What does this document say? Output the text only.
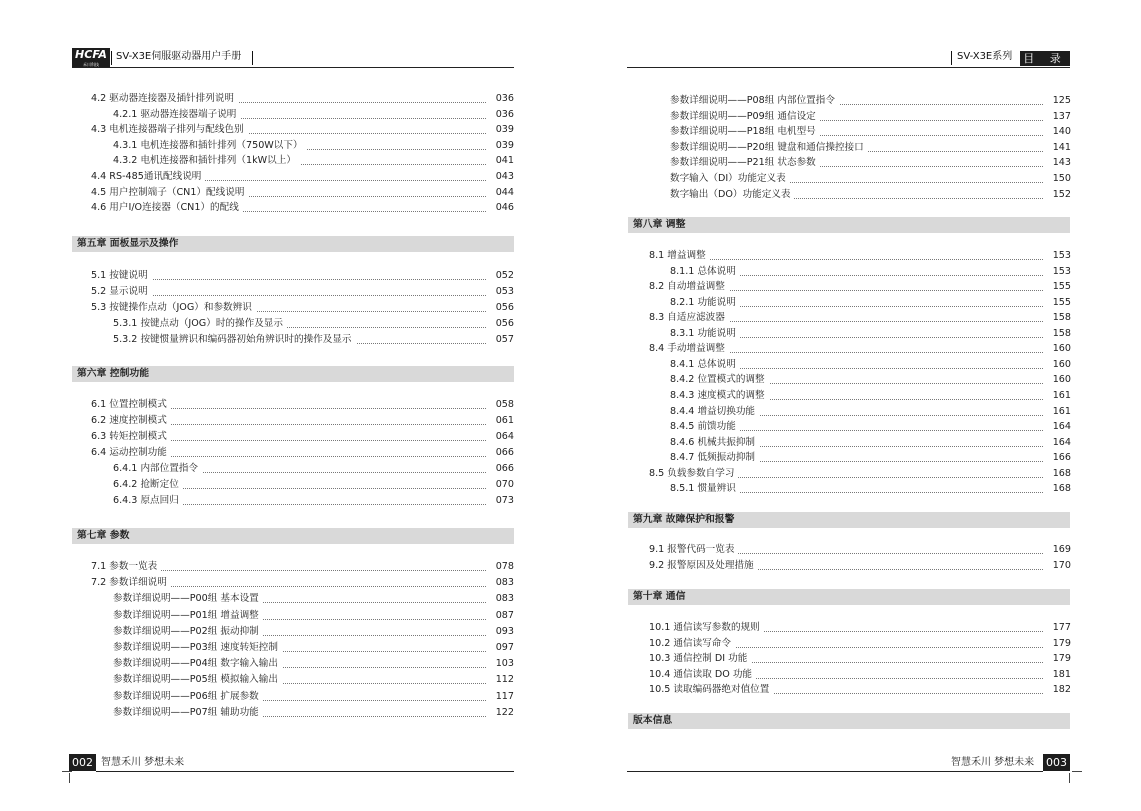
HCFA
禾川科技
SV-X3E伺服驱动器用户手册
4.2 驱动器连接器及插针排列说明	036
4.2.1 驱动器连接器端子说明	036
4.3 电机连接器端子排列与配线色别	039
4.3.1 电机连接器和插针排列（750W以下）	039
4.3.2 电机连接器和插针排列（1kW以上）	041
4.4 RS-485通讯配线说明	043
4.5 用户控制端子（CN1）配线说明	044
4.6 用户I/O连接器（CN1）的配线	046
第五章 面板显示及操作
5.1 按键说明	052
5.2 显示说明	053
5.3 按键操作点动（JOG）和参数辨识	056
5.3.1 按键点动（JOG）时的操作及显示	056
5.3.2 按键惯量辨识和编码器初始角辨识时的操作及显示	057
第六章 控制功能
6.1 位置控制模式	058
6.2 速度控制模式	061
6.3 转矩控制模式	064
6.4 运动控制功能	066
6.4.1 内部位置指令	066
6.4.2 抢断定位	070
6.4.3 原点回归	073
第七章 参数
7.1 参数一览表	078
7.2 参数详细说明	083
参数详细说明——P00组 基本设置	083
参数详细说明——P01组 增益调整	087
参数详细说明——P02组 振动抑制	093
参数详细说明——P03组 速度转矩控制	097
参数详细说明——P04组 数字输入输出	103
参数详细说明——P05组 模拟输入输出	112
参数详细说明——P06组 扩展参数	117
参数详细说明——P07组 辅助功能	122
002 智慧禾川 梦想未来
SV-X3E系列 目 录
参数详细说明——P08组 内部位置指令	125
参数详细说明——P09组 通信设定	137
参数详细说明——P18组 电机型号	140
参数详细说明——P20组 键盘和通信操控接口	141
参数详细说明——P21组 状态参数	143
数字输入（DI）功能定义表	150
数字输出（DO）功能定义表	152
第八章 调整
8.1 增益调整	153
8.1.1 总体说明	153
8.2 自动增益调整	155
8.2.1 功能说明	155
8.3 自适应滤波器	158
8.3.1 功能说明	158
8.4 手动增益调整	160
8.4.1 总体说明	160
8.4.2 位置模式的调整	160
8.4.3 速度模式的调整	161
8.4.4 增益切换功能	161
8.4.5 前馈功能	164
8.4.6 机械共振抑制	164
8.4.7 低频振动抑制	166
8.5 负载参数自学习	168
8.5.1 惯量辨识	168
第九章 故障保护和报警
9.1 报警代码一览表	169
9.2 报警原因及处理措施	170
第十章 通信
10.1 通信读写参数的规则	177
10.2 通信读写命令	179
10.3 通信控制 DI 功能	179
10.4 通信读取 DO 功能	181
10.5 读取编码器绝对值位置	182
版本信息
智慧禾川 梦想未来 003
